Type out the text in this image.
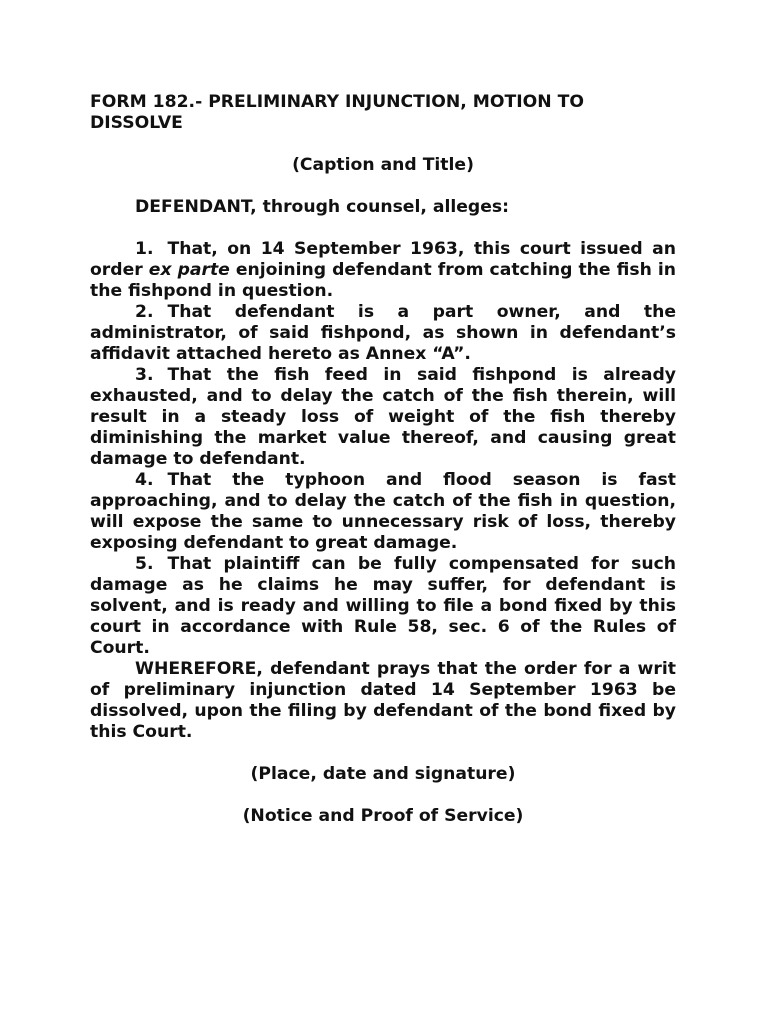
FORM 182.- PRELIMINARY INJUNCTION, MOTION TO DISSOLVE

(Caption and Title)

DEFENDANT, through counsel, alleges:

1. That, on 14 September 1963, this court issued an order ex parte enjoining defendant from catching the fish in the fishpond in question.

2. That defendant is a part owner, and the administrator, of said fishpond, as shown in defendant’s affidavit attached hereto as Annex “A”.

3. That the fish feed in said fishpond is already exhausted, and to delay the catch of the fish therein, will result in a steady loss of weight of the fish thereby diminishing the market value thereof, and causing great damage to defendant.

4. That the typhoon and flood season is fast approaching, and to delay the catch of the fish in question, will expose the same to unnecessary risk of loss, thereby exposing defendant to great damage.

5. That plaintiff can be fully compensated for such damage as he claims he may suffer, for defendant is solvent, and is ready and willing to file a bond fixed by this court in accordance with Rule 58, sec. 6 of the Rules of Court.

WHEREFORE, defendant prays that the order for a writ of preliminary injunction dated 14 September 1963 be dissolved, upon the filing by defendant of the bond fixed by this Court.

(Place, date and signature)

(Notice and Proof of Service)
